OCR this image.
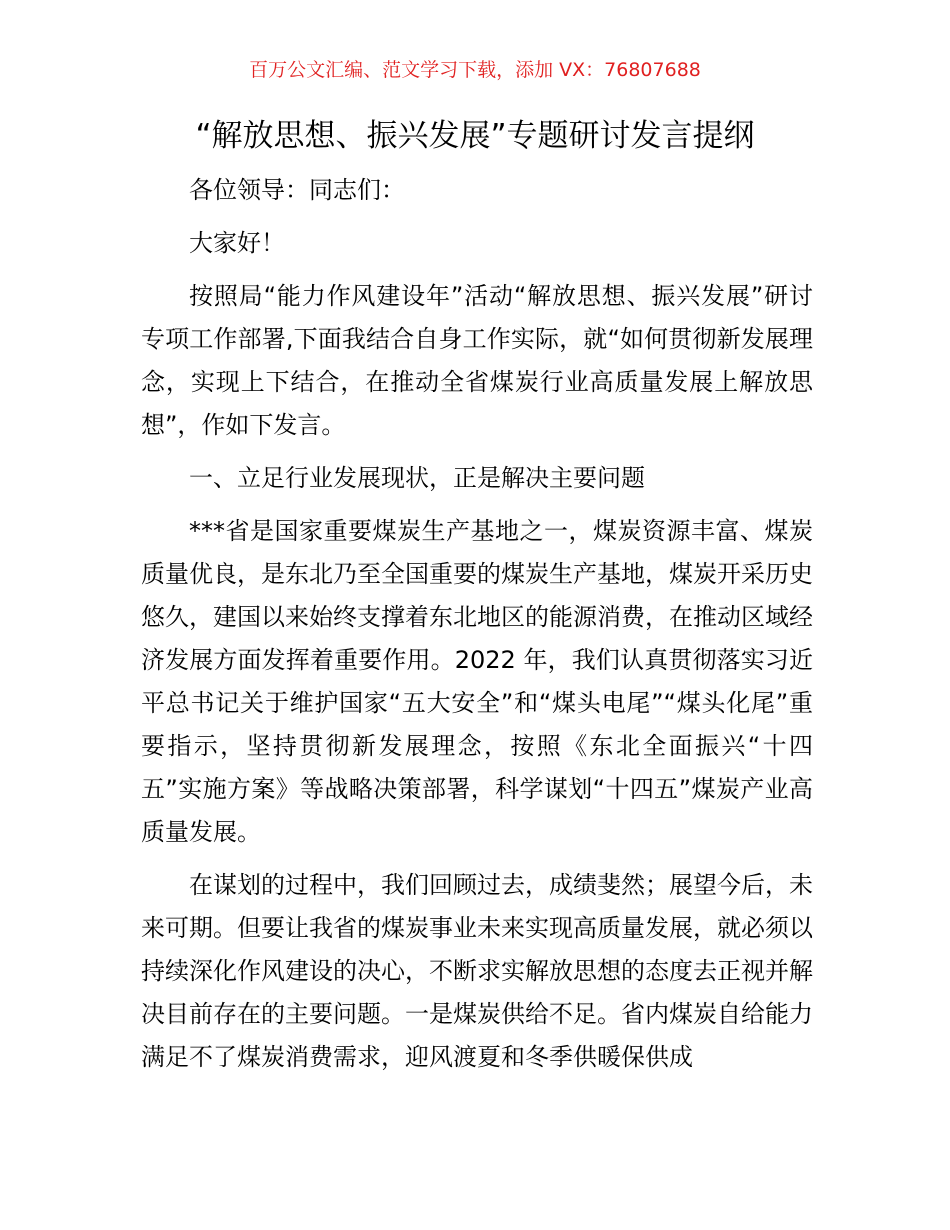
百万公文汇编、范文学习下载，添加 VX：76807688
“解放思想、振兴发展”专题研讨发言提纲

各位领导：同志们：

大家好！

按照局“能力作风建设年”活动“解放思想、振兴发展”研讨专项工作部署,下面我结合自身工作实际，就“如何贯彻新发展理念，实现上下结合，在推动全省煤炭行业高质量发展上解放思想”，作如下发言。

一、立足行业发展现状，正是解决主要问题

***省是国家重要煤炭生产基地之一，煤炭资源丰富、煤炭质量优良，是东北乃至全国重要的煤炭生产基地，煤炭开采历史悠久，建国以来始终支撑着东北地区的能源消费，在推动区域经济发展方面发挥着重要作用。2022 年，我们认真贯彻落实习近平总书记关于维护国家“五大安全”和“煤头电尾”“煤头化尾”重要指示，坚持贯彻新发展理念，按照《东北全面振兴“十四五”实施方案》等战略决策部署，科学谋划“十四五”煤炭产业高质量发展。

在谋划的过程中，我们回顾过去，成绩斐然；展望今后，未来可期。但要让我省的煤炭事业未来实现高质量发展，就必须以持续深化作风建设的决心，不断求实解放思想的态度去正视并解决目前存在的主要问题。一是煤炭供给不足。省内煤炭自给能力满足不了煤炭消费需求，迎风渡夏和冬季供暖保供成
